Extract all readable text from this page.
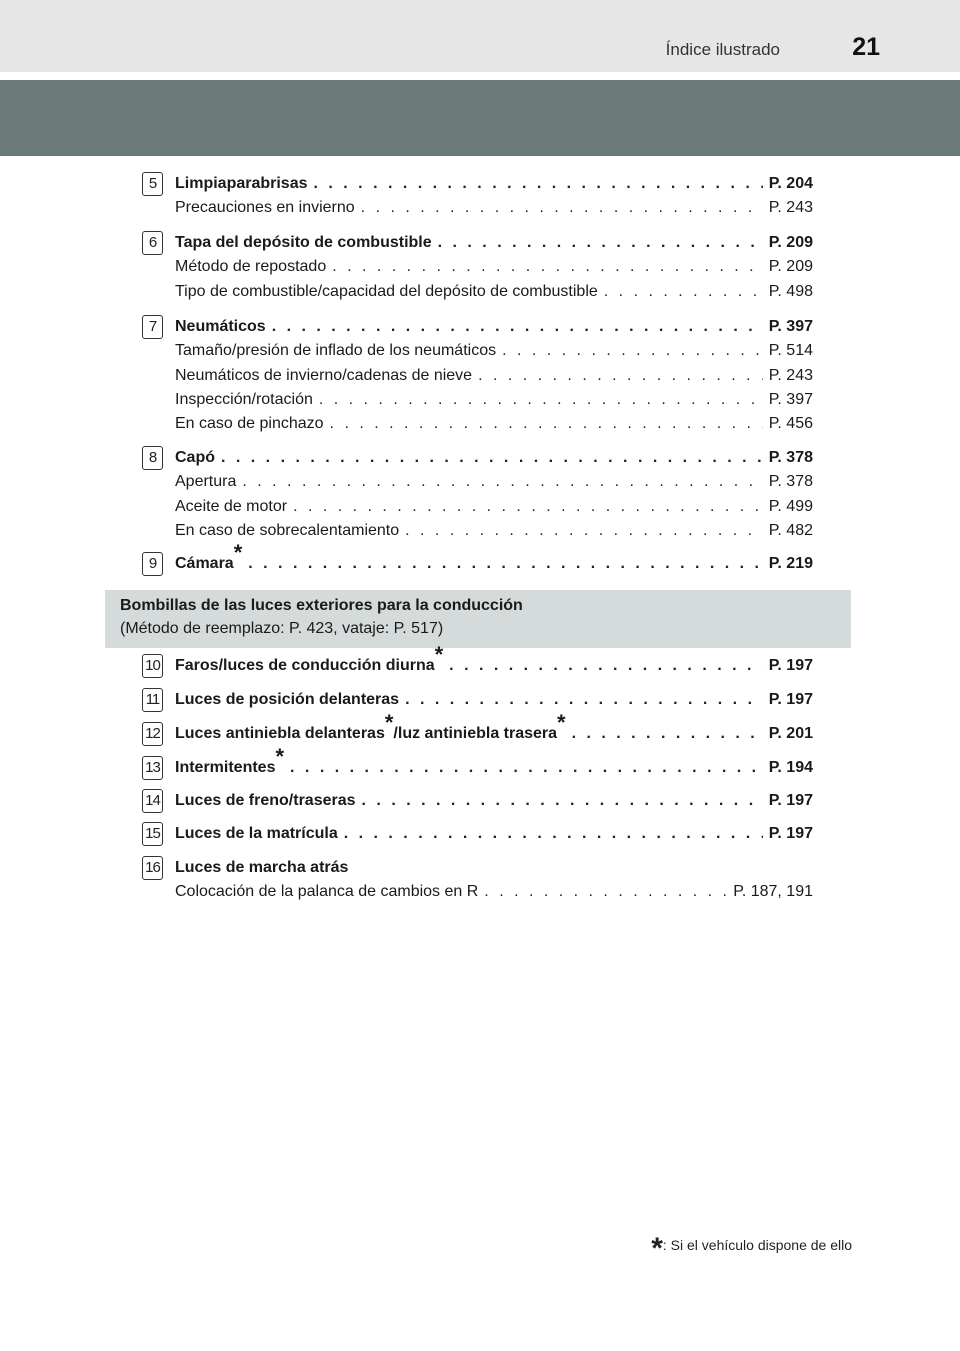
Índice ilustrado	21
5	Limpiaparabrisas . . .	P. 204
Precauciones en invierno . . .	P. 243
6	Tapa del depósito de combustible . . .	P. 209
Método de repostado . . .	P. 209
Tipo de combustible/capacidad del depósito de combustible . . .	P. 498
7	Neumáticos . . .	P. 397
Tamaño/presión de inflado de los neumáticos . . .	P. 514
Neumáticos de invierno/cadenas de nieve . . .	P. 243
Inspección/rotación . . .	P. 397
En caso de pinchazo . . .	P. 456
8	Capó . . .	P. 378
Apertura . . .	P. 378
Aceite de motor . . .	P. 499
En caso de sobrecalentamiento . . .	P. 482
9	Cámara* . . .	P. 219
Bombillas de las luces exteriores para la conducción
(Método de reemplazo: P. 423, vataje: P. 517)
10 Faros/luces de conducción diurna* . . .	P. 197
11 Luces de posición delanteras . . .	P. 197
12 Luces antiniebla delanteras*/luz antiniebla trasera* . . .	P. 201
13 Intermitentes* . . .	P. 194
14 Luces de freno/traseras . . .	P. 197
15 Luces de la matrícula . . .	P. 197
16 Luces de marcha atrás
Colocación de la palanca de cambios en R . . .	P. 187, 191
*: Si el vehículo dispone de ello
